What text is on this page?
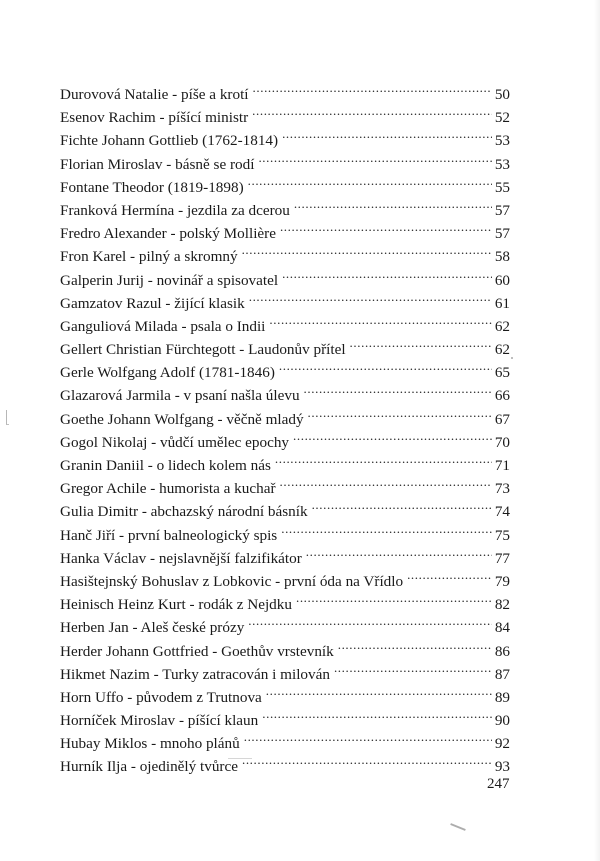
Durovová Natalie - píše a krotí .....	50
Esenov Rachim - píšící ministr .....	52
Fichte Johann Gottlieb (1762-1814) .....	53
Florian Miroslav - básně se rodí .....	53
Fontane Theodor (1819-1898) .....	55
Franková Hermína - jezdila za dcerou .....	57
Fredro Alexander - polský Mollière .....	57
Fron Karel - pilný a skromný .....	58
Galperin Jurij - novinář a spisovatel .....	60
Gamzatov Razul - žijící klasik .....	61
Ganguliová Milada - psala o Indii .....	62
Gellert Christian Fürchtegott - Laudonův přítel .....	62
Gerle Wolfgang Adolf (1781-1846) .....	65
Glazarová Jarmila - v psaní našla úlevu .....	66
Goethe Johann Wolfgang - věčně mladý .....	67
Gogol Nikolaj - vůdčí umělec epochy .....	70
Granin Daniil - o lidech kolem nás .....	71
Gregor Achile - humorista a kuchař .....	73
Gulia Dimitr - abchazský národní básník .....	74
Hanč Jiří - první balneologický spis .....	75
Hanka Václav - nejslavnější falzifikátor .....	77
Hasištejnský Bohuslav z Lobkovic - první óda na Vřídlo .....	79
Heinisch Heinz Kurt - rodák z Nejdku .....	82
Herben Jan - Aleš české prózy .....	84
Herder Johann Gottfried - Goethův vrstevník .....	86
Hikmet Nazim - Turky zatracován i milován .....	87
Horn Uffo - původem z Trutnova .....	89
Horníček Miroslav - píšící klaun .....	90
Hubay Miklos - mnoho plánů .....	92
Hurník Ilja - ojedinělý tvůrce .....	93
247
